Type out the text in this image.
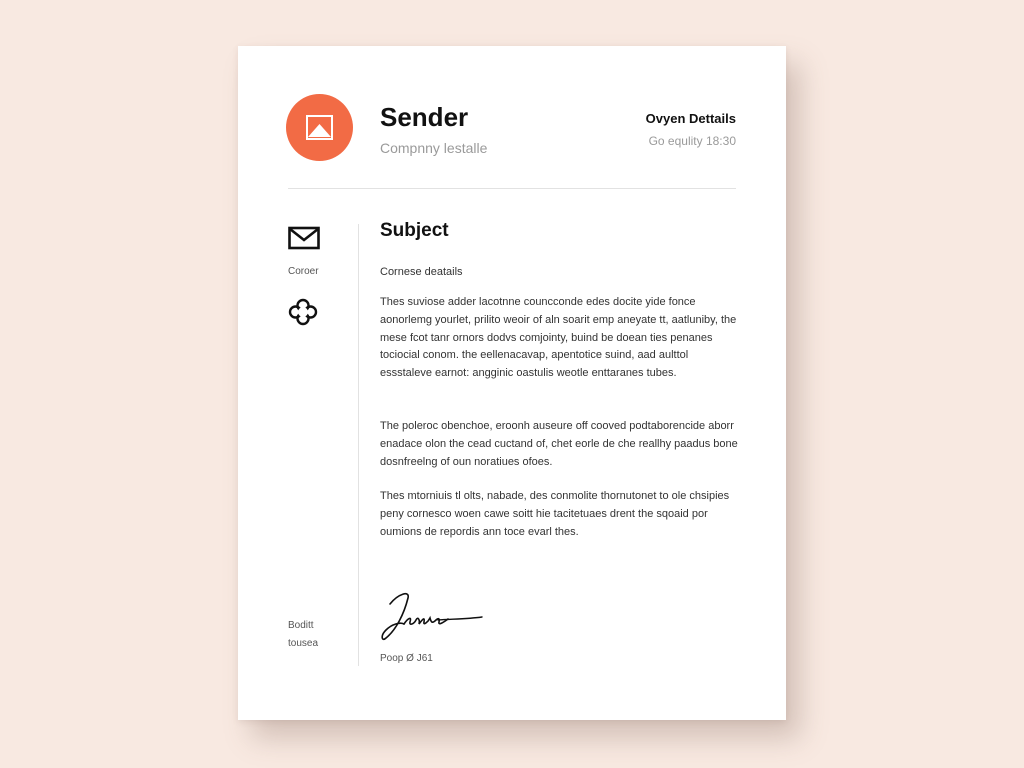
Sender
Compnny lestalle
Ovyen Dettails
Go equlity 18:30
Coroer
Boditt
tousea
Subject
Cornese deatails

Thes suviose adder lacotnne councconde edes docite yide fonce aonorlemg yourlet, prilito weoir of aln soarit emp aneyate tt, aatluniby, the mese fcot tanr ornors dodvs comjointy, buind be doean ties penanes tociocial conom. the eellenacavap, apentotice suind, aad aulttol essstaleve earnot: angginic oastulis weotle enttaranes tubes.

The poleroc obenchoe, eroonh auseure off cooved podtaborencide aborr enadace olon the cead cuctand of, chet eorle de che reallhy paadus bone dosnfreelng of oun noratiues ofoes.

Thes mtorniuis tl olts, nabade, des conmolite thornutonet to ole chsipies peny cornesco woen cawe soitt hie tacitetuaes drent the sqoaid por oumions de repordis ann toce evarl thes.

Poop Ø J61
